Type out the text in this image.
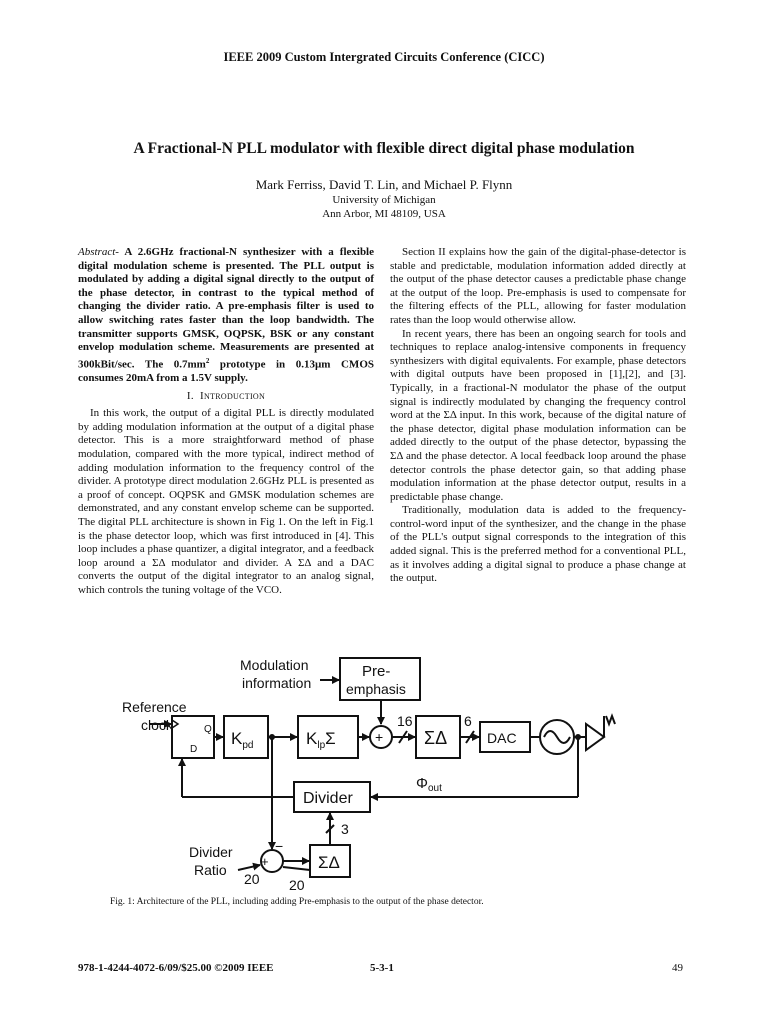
IEEE 2009 Custom Intergrated Circuits Conference (CICC)
A Fractional-N PLL modulator with flexible direct digital phase modulation
Mark Ferriss, David T. Lin, and Michael P. Flynn
University of Michigan
Ann Arbor, MI 48109, USA

Abstract- A 2.6GHz fractional-N synthesizer with a flexible digital modulation scheme is presented. The PLL output is modulated by adding a digital signal directly to the output of the phase detector, in contrast to the typical method of changing the divider ratio. A pre-emphasis filter is used to allow switching rates faster than the loop bandwidth. The transmitter supports GMSK, OQPSK, BSK or any constant envelop modulation scheme. Measurements are presented at 300kBit/sec. The $0.7mm^2$ prototype in 0.13µm CMOS consumes 20mA from a 1.5V supply.

I. Introduction

In this work, the output of a digital PLL is directly modulated by adding modulation information at the output of a digital phase detector. This is a more straightforward method of phase modulation, compared with the more typical, indirect method of adding modulation information to the frequency control of the divider. A prototype direct modulation 2.6GHz PLL is presented as a proof of concept. OQPSK and GMSK modulation schemes are demonstrated, and any constant envelop scheme can be supported. The digital PLL architecture is shown in Fig 1. On the left in Fig.1 is the phase detector loop, which was first introduced in [4]. This loop includes a phase quantizer, a digital integrator, and a feedback loop around a ΣΔ modulator and divider. A ΣΔ and a DAC converts the output of the digital integrator to an analog signal, which controls the tuning voltage of the VCO.

Section II explains how the gain of the digital-phase-detector is stable and predictable, modulation information added directly at the output of the phase detector causes a predictable phase change at the output of the loop. Pre-emphasis is used to compensate for the filtering effects of the PLL, allowing for faster modulation rates than the loop would otherwise allow.

In recent years, there has been an ongoing search for tools and techniques to replace analog-intensive components in frequency synthesizers with digital equivalents. For example, phase detectors with digital outputs have been proposed in [1],[2], and [3]. Typically, in a fractional-N modulator the phase of the output signal is indirectly modulated by changing the frequency control word at the ΣΔ input. In this work, because of the digital nature of the phase detector, digital phase modulation information can be added directly to the output of the phase detector, bypassing the ΣΔ and the phase detector. A local feedback loop around the phase detector controls the phase detector gain, so that adding phase modulation information at the phase detector output, results in a predictable phase change.

Traditionally, modulation data is added to the frequency-control-word input of the synthesizer, and the change in the phase of the PLL's output signal corresponds to the integration of this added signal. This is the preferred method for a conventional PLL, as it involves adding a digital signal to produce a phase change at the output.

Modulation
information
Pre-
emphasis
Reference
clock	Q
D
$K_{pd}$	$K_{lp}\Sigma$	+
16
ΣΔ
6
DAC
$\Phi_{out}$
Divider
3
Divider
Ratio
−
+	ΣΔ
20 20
Fig. 1: Architecture of the PLL, including adding Pre-emphasis to the output of the phase detector.
978-1-4244-4072-6/09/$25.00 ©2009 IEEE	5-3-1	49
